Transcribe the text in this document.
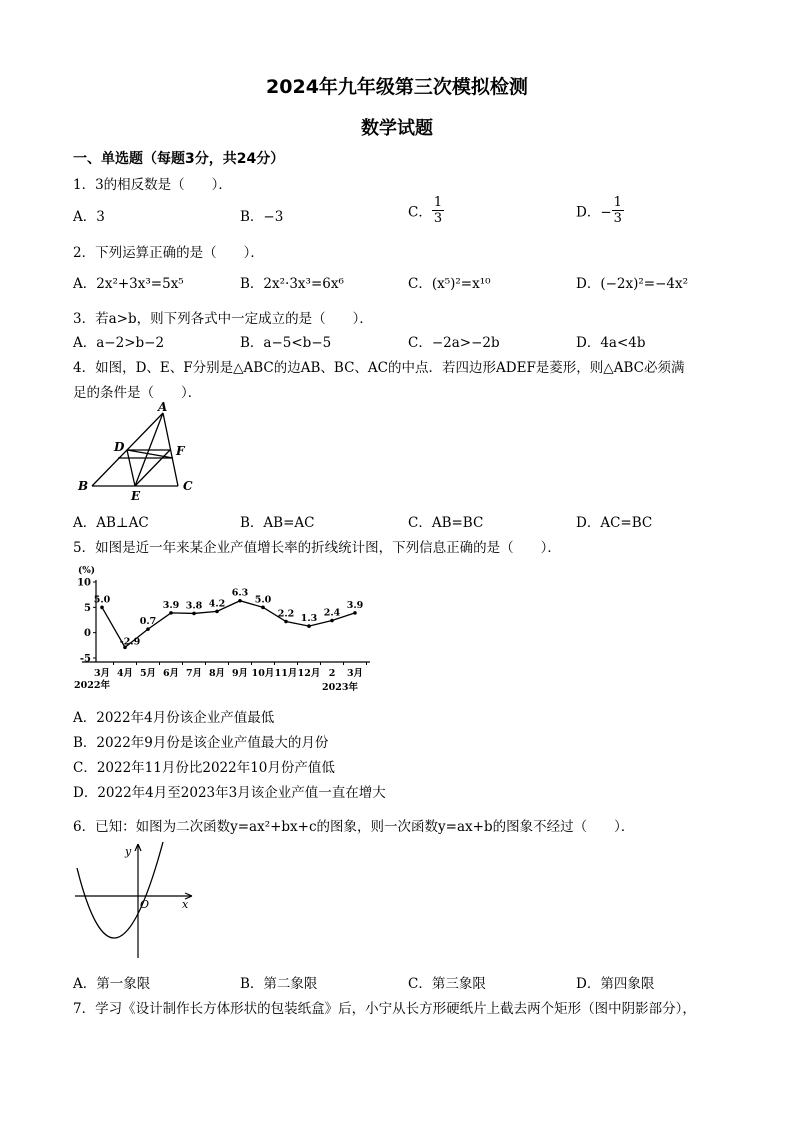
2024年九年级第三次模拟检测
数学试题
一、单选题（每题3分，共24分）
1．3的相反数是（　　）．
A．3	B．−3	C． $\frac{1}{3}$	D．− $\frac{1}{3}$
2．下列运算正确的是（　　）．
A．2x²+3x³=5x⁵	B．2x²·3x³=6x⁶	C．(x⁵)²=x¹⁰	D．(−2x)²=−4x²
3．若a>b，则下列各式中一定成立的是（　　）．
A．a−2>b−2	B．a−5<b−5	C．−2a>−2b	D．4a<4b
4．如图，D、E、F分别是△ABC的边AB、BC、AC的中点．若四边形ADEF是菱形，则△ABC必须满
足的条件是（　　）．
A
B	C
D
E
F
A．AB⊥AC	B．AB=AC	C．AB=BC	D．AC=BC
5．如图是近一年来某企业产值增长率的折线统计图，下列信息正确的是（　　）．
10
5
0
-5
3月 4月 5月 6月 7月 8月 9月 10月 11月 12月 2 3月
5.0
-2.9
0.7
3.9 3.8 4.2
6.3
5.0
2.2 1.3
2.4
3.9
(%)
2022年	2023年
A．2022年4月份该企业产值最低
B．2022年9月份是该企业产值最大的月份
C．2022年11月份比2022年10月份产值低
D．2022年4月至2023年3月该企业产值一直在增大
6．已知：如图为二次函数y=ax²+bx+c的图象，则一次函数y=ax+b的图象不经过（　　）．
y
x
O
A．第一象限	B．第二象限	C．第三象限	D．第四象限
7．学习《设计制作长方体形状的包装纸盒》后，小宁从长方形硬纸片上截去两个矩形（图中阴影部分），
